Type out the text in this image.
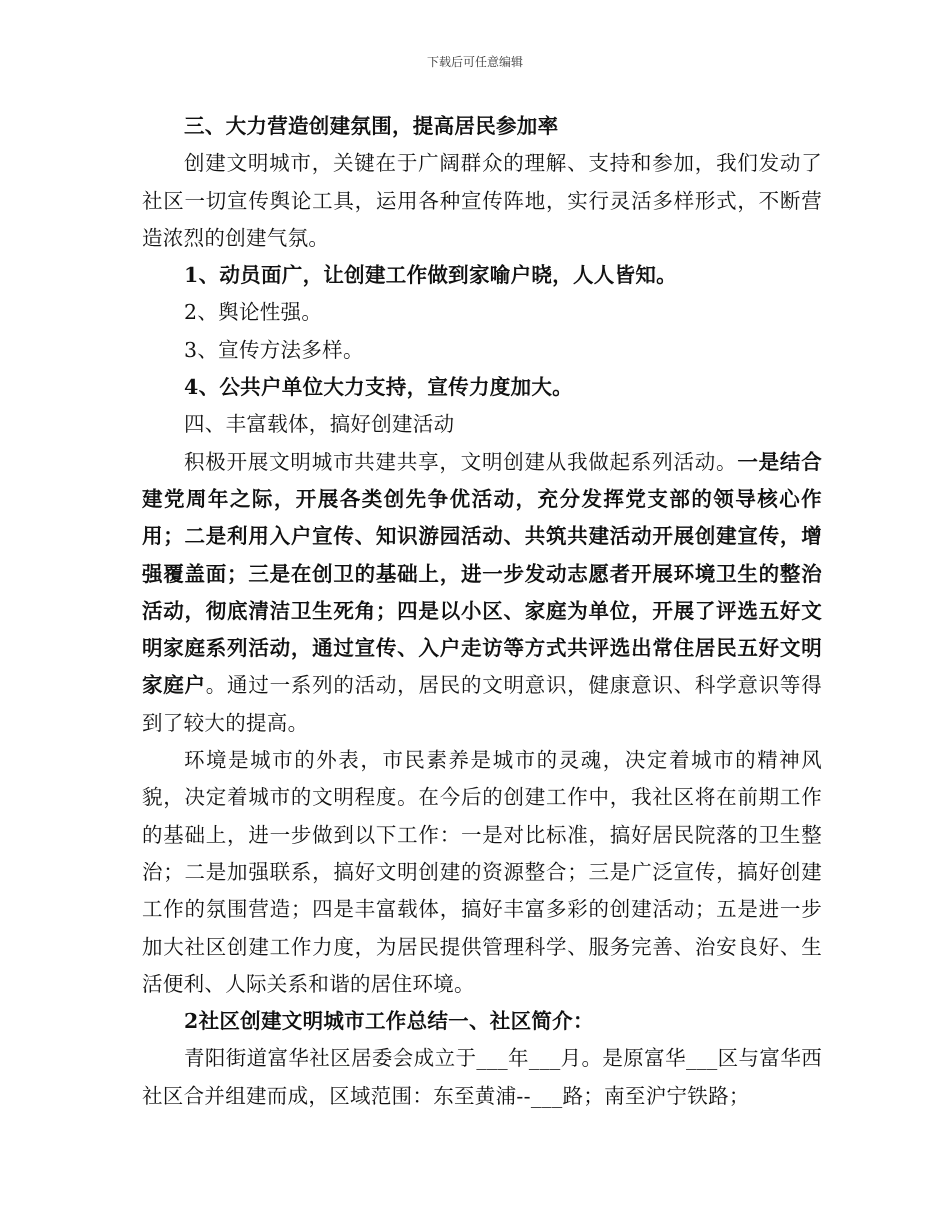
下载后可任意编辑

三、大力营造创建氛围，提高居民参加率

创建文明城市，关键在于广阔群众的理解、支持和参加，我们发动了社区一切宣传舆论工具，运用各种宣传阵地，实行灵活多样形式，不断营造浓烈的创建气氛。

1、动员面广，让创建工作做到家喻户晓，人人皆知。

2、舆论性强。

3、宣传方法多样。

4、公共户单位大力支持，宣传力度加大。

四、丰富载体，搞好创建活动

积极开展文明城市共建共享，文明创建从我做起系列活动。一是结合建党周年之际，开展各类创先争优活动，充分发挥党支部的领导核心作用；二是利用入户宣传、知识游园活动、共筑共建活动开展创建宣传，增强覆盖面；三是在创卫的基础上，进一步发动志愿者开展环境卫生的整治活动，彻底清洁卫生死角；四是以小区、家庭为单位，开展了评选五好文明家庭系列活动，通过宣传、入户走访等方式共评选出常住居民五好文明家庭户。通过一系列的活动，居民的文明意识，健康意识、科学意识等得到了较大的提高。

环境是城市的外表，市民素养是城市的灵魂，决定着城市的精神风貌，决定着城市的文明程度。在今后的创建工作中，我社区将在前期工作的基础上，进一步做到以下工作：一是对比标准，搞好居民院落的卫生整治；二是加强联系，搞好文明创建的资源整合；三是广泛宣传，搞好创建工作的氛围营造；四是丰富载体，搞好丰富多彩的创建活动；五是进一步加大社区创建工作力度，为居民提供管理科学、服务完善、治安良好、生活便利、人际关系和谐的居住环境。

2社区创建文明城市工作总结一、社区简介：

青阳街道富华社区居委会成立于___年___月。是原富华___区与富华西社区合并组建而成，区域范围：东至黄浦--___路；南至沪宁铁路；
